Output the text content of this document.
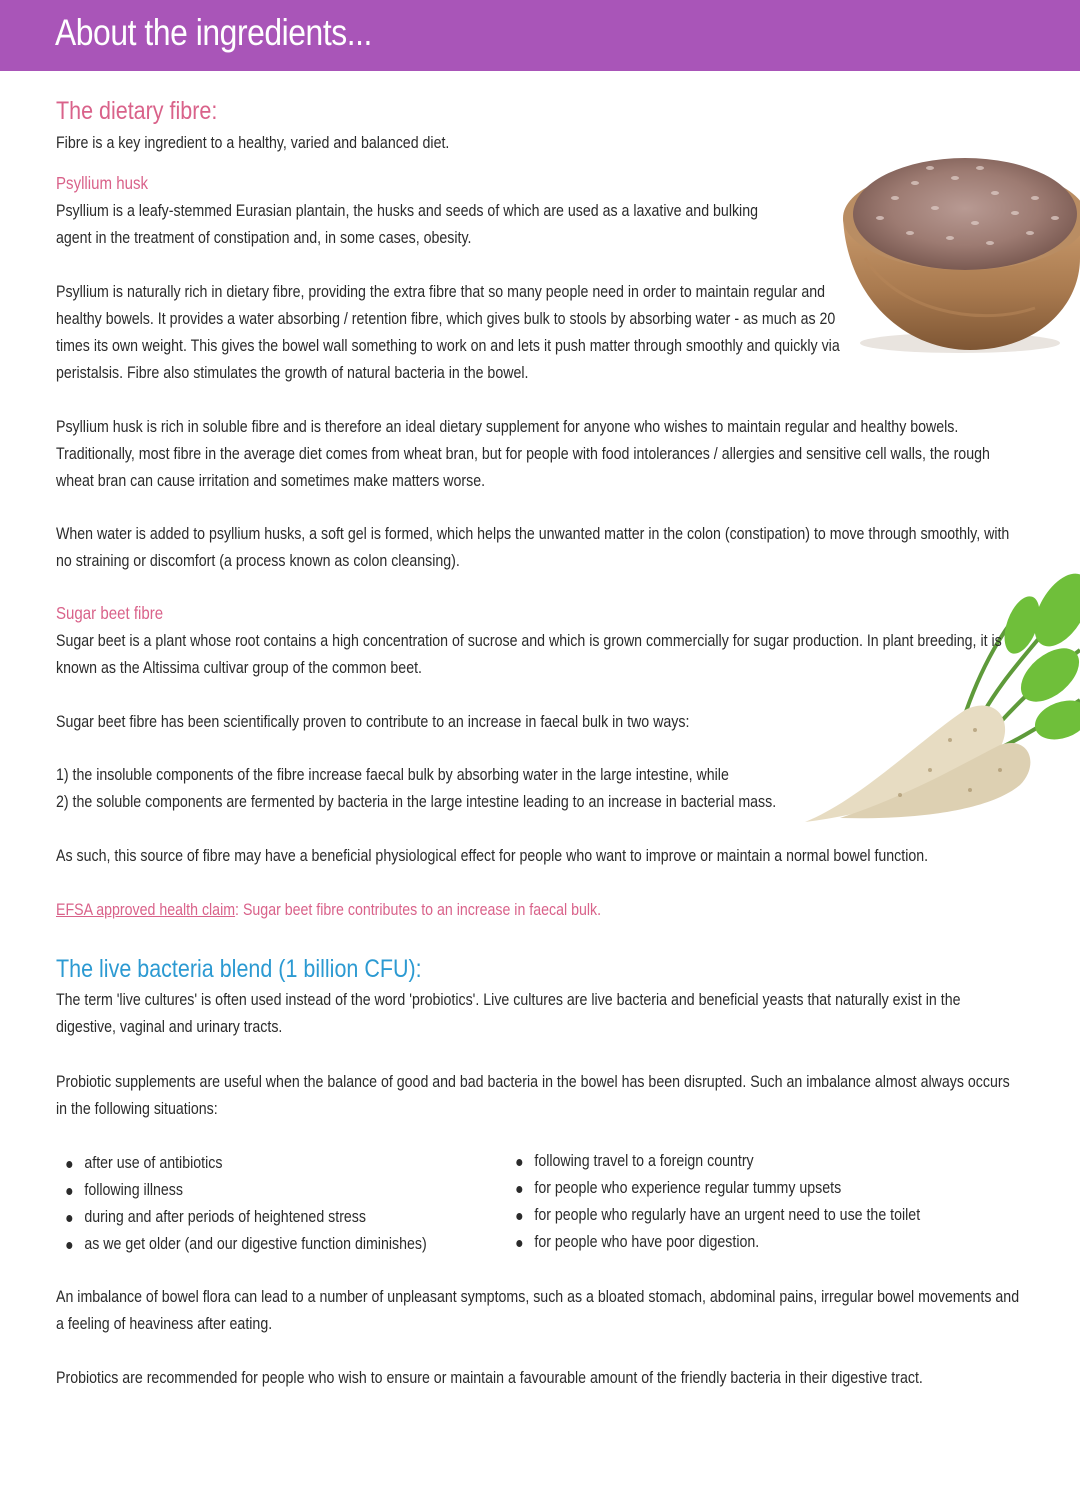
About the ingredients...
The dietary fibre:

Fibre is a key ingredient to a healthy, varied and balanced diet.

Psyllium husk

Psyllium is a leafy-stemmed Eurasian plantain, the husks and seeds of which are used as a laxative and bulking agent in the treatment of constipation and, in some cases, obesity.

Psyllium is naturally rich in dietary fibre, providing the extra fibre that so many people need in order to maintain regular and healthy bowels. It provides a water absorbing / retention fibre, which gives bulk to stools by absorbing water - as much as 20 times its own weight. This gives the bowel wall something to work on and lets it push matter through smoothly and quickly via peristalsis. Fibre also stimulates the growth of natural bacteria in the bowel.

Psyllium husk is rich in soluble fibre and is therefore an ideal dietary supplement for anyone who wishes to maintain regular and healthy bowels. Traditionally, most fibre in the average diet comes from wheat bran, but for people with food intolerances / allergies and sensitive cell walls, the rough wheat bran can cause irritation and sometimes make matters worse.

When water is added to psyllium husks, a soft gel is formed, which helps the unwanted matter in the colon (constipation) to move through smoothly, with no straining or discomfort (a process known as colon cleansing).

Sugar beet fibre

Sugar beet is a plant whose root contains a high concentration of sucrose and which is grown commercially for sugar production. In plant breeding, it is known as the Altissima cultivar group of the common beet.

Sugar beet fibre has been scientifically proven to contribute to an increase in faecal bulk in two ways:

1) the insoluble components of the fibre increase faecal bulk by absorbing water in the large intestine, while

2) the soluble components are fermented by bacteria in the large intestine leading to an increase in bacterial mass.

As such, this source of fibre may have a beneficial physiological effect for people who want to improve or maintain a normal bowel function.

EFSA approved health claim: Sugar beet fibre contributes to an increase in faecal bulk.

The live bacteria blend (1 billion CFU):

The term 'live cultures' is often used instead of the word 'probiotics'. Live cultures are live bacteria and beneficial yeasts that naturally exist in the digestive, vaginal and urinary tracts.

Probiotic supplements are useful when the balance of good and bad bacteria in the bowel has been disrupted. Such an imbalance almost always occurs in the following situations:

after use of antibiotics
following illness
during and after periods of heightened stress
as we get older (and our digestive function diminishes)
following travel to a foreign country
for people who experience regular tummy upsets
for people who regularly have an urgent need to use the toilet
for people who have poor digestion.

An imbalance of bowel flora can lead to a number of unpleasant symptoms, such as a bloated stomach, abdominal pains, irregular bowel movements and a feeling of heaviness after eating.

Probiotics are recommended for people who wish to ensure or maintain a favourable amount of the friendly bacteria in their digestive tract.
